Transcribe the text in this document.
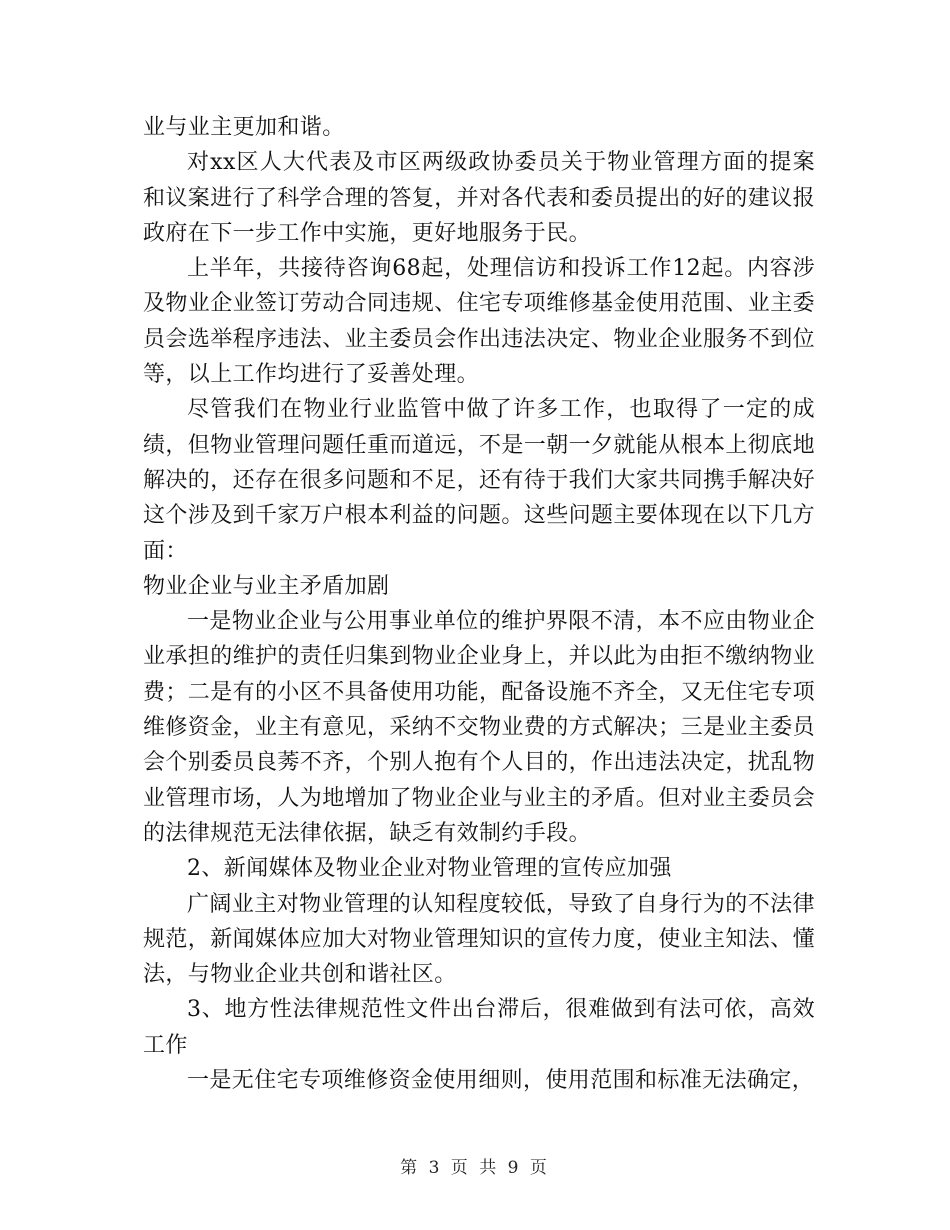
业与业主更加和谐。

对xx区人大代表及市区两级政协委员关于物业管理方面的提案和议案进行了科学合理的答复，并对各代表和委员提出的好的建议报政府在下一步工作中实施，更好地服务于民。

上半年，共接待咨询68起，处理信访和投诉工作12起。内容涉及物业企业签订劳动合同违规、住宅专项维修基金使用范围、业主委员会选举程序违法、业主委员会作出违法决定、物业企业服务不到位等，以上工作均进行了妥善处理。

尽管我们在物业行业监管中做了许多工作，也取得了一定的成绩，但物业管理问题任重而道远，不是一朝一夕就能从根本上彻底地解决的，还存在很多问题和不足，还有待于我们大家共同携手解决好这个涉及到千家万户根本利益的问题。这些问题主要体现在以下几方面：

物业企业与业主矛盾加剧

一是物业企业与公用事业单位的维护界限不清，本不应由物业企业承担的维护的责任归集到物业企业身上，并以此为由拒不缴纳物业费；二是有的小区不具备使用功能，配备设施不齐全，又无住宅专项维修资金，业主有意见，采纳不交物业费的方式解决；三是业主委员会个别委员良莠不齐，个别人抱有个人目的，作出违法决定，扰乱物业管理市场，人为地增加了物业企业与业主的矛盾。但对业主委员会的法律规范无法律依据，缺乏有效制约手段。

2、新闻媒体及物业企业对物业管理的宣传应加强

广阔业主对物业管理的认知程度较低，导致了自身行为的不法律规范，新闻媒体应加大对物业管理知识的宣传力度，使业主知法、懂法，与物业企业共创和谐社区。

3、地方性法律规范性文件出台滞后，很难做到有法可依，高效工作

一是无住宅专项维修资金使用细则，使用范围和标准无法确定，

第 3 页 共 9 页
